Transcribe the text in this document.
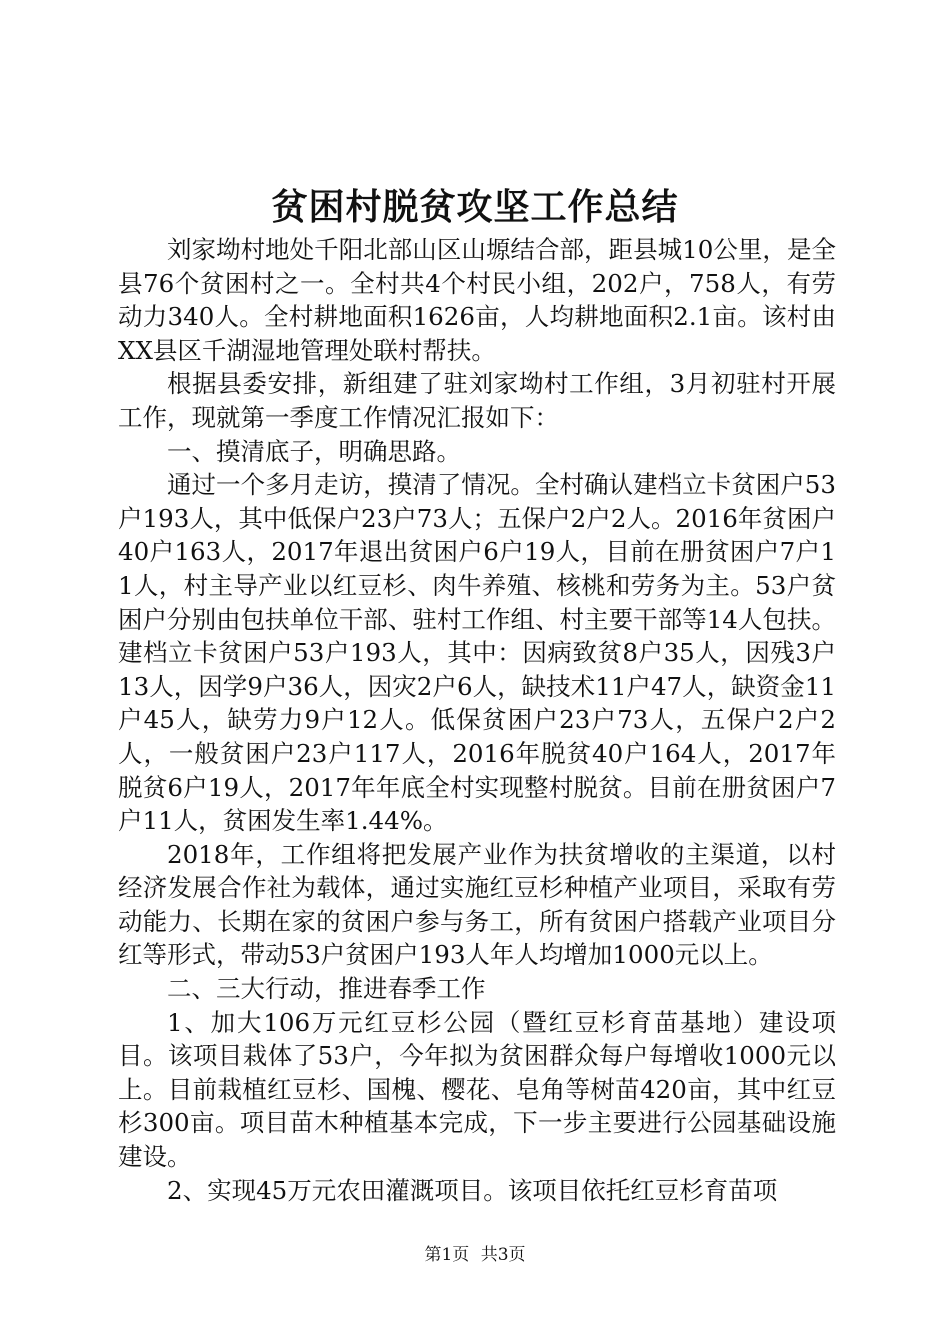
贫困村脱贫攻坚工作总结

刘家坳村地处千阳北部山区山塬结合部，距县城10公里，是全县76个贫困村之一。全村共4个村民小组，202户，758人，有劳动力340人。全村耕地面积1626亩，人均耕地面积2.1亩。该村由XX县区千湖湿地管理处联村帮扶。

根据县委安排，新组建了驻刘家坳村工作组，3月初驻村开展工作，现就第一季度工作情况汇报如下：

一、摸清底子，明确思路。

通过一个多月走访，摸清了情况。全村确认建档立卡贫困户53户193人，其中低保户23户73人；五保户2户2人。2016年贫困户40户163人，2017年退出贫困户6户19人，目前在册贫困户7户11人，村主导产业以红豆杉、肉牛养殖、核桃和劳务为主。53户贫困户分别由包扶单位干部、驻村工作组、村主要干部等14人包扶。建档立卡贫困户53户193人，其中：因病致贫8户35人，因残3户13人，因学9户36人，因灾2户6人，缺技术11户47人，缺资金11户45人，缺劳力9户12人。低保贫困户23户73人，五保户2户2人，一般贫困户23户117人，2016年脱贫40户164人，2017年脱贫6户19人，2017年年底全村实现整村脱贫。目前在册贫困户7户11人，贫困发生率1.44%。

2018年，工作组将把发展产业作为扶贫增收的主渠道，以村经济发展合作社为载体，通过实施红豆杉种植产业项目，采取有劳动能力、长期在家的贫困户参与务工，所有贫困户搭载产业项目分红等形式，带动53户贫困户193人年人均增加1000元以上。

二、三大行动，推进春季工作

1、加大106万元红豆杉公园（暨红豆杉育苗基地）建设项目。该项目栽体了53户，今年拟为贫困群众每户每增收1000元以上。目前栽植红豆杉、国槐、樱花、皂角等树苗420亩，其中红豆杉300亩。项目苗木种植基本完成，下一步主要进行公园基础设施建设。

2、实现45万元农田灌溉项目。该项目依托红豆杉育苗项

第1页 共3页
